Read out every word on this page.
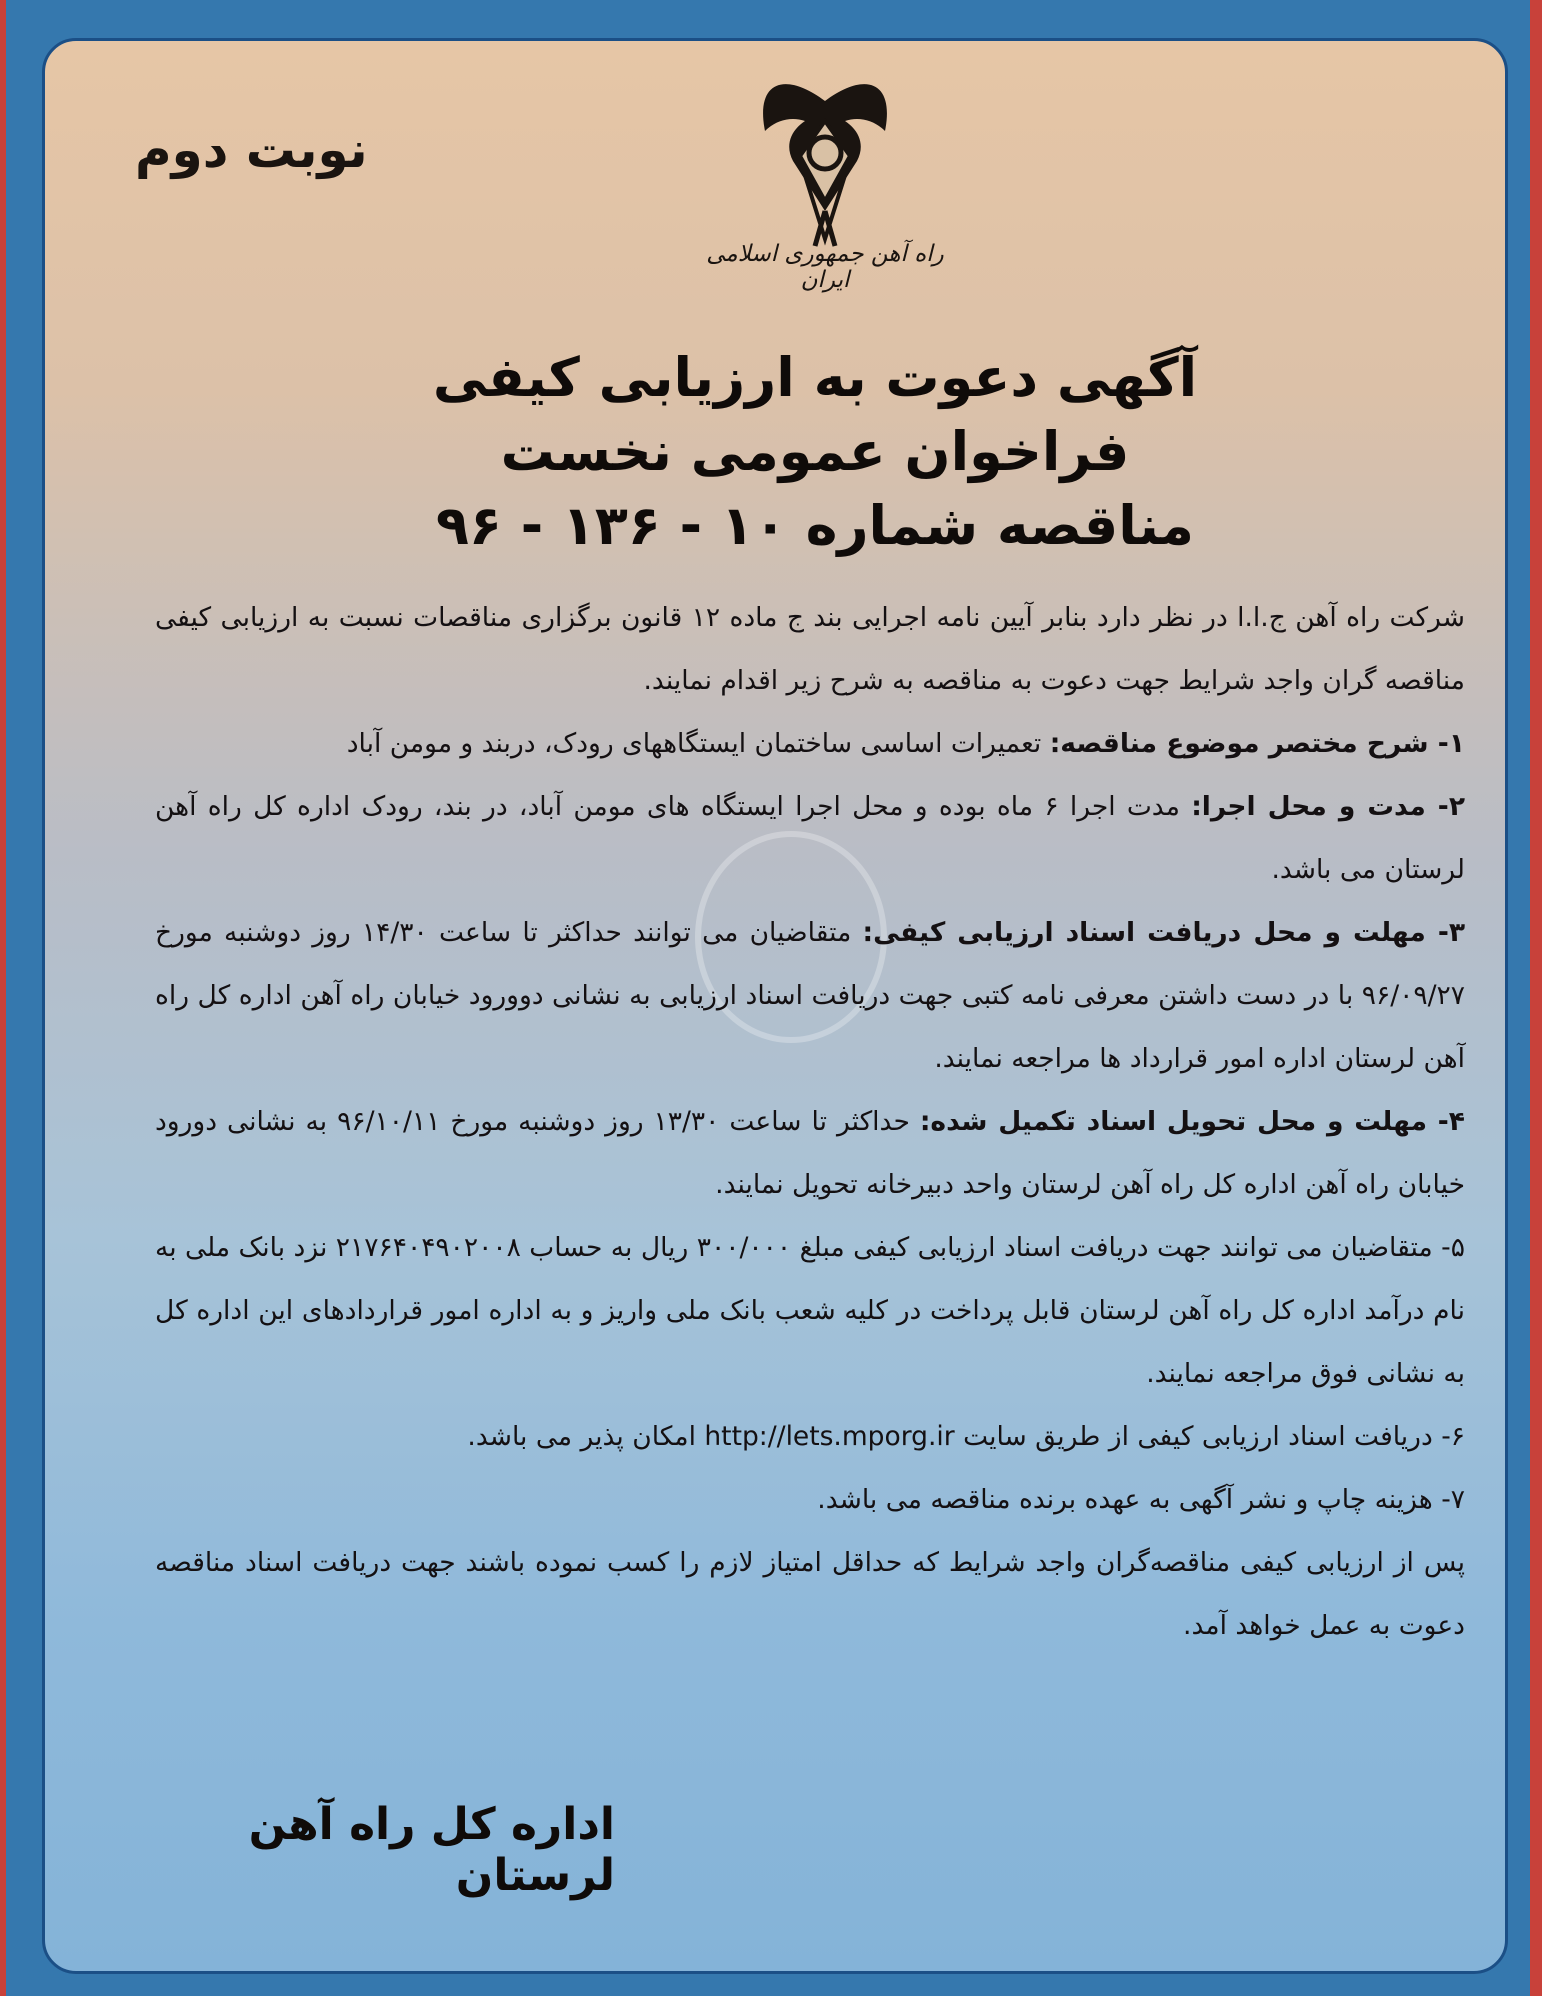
نوبت دوم
راه آهن جمهوری اسلامی ایران
آگهی دعوت به ارزیابی کیفی
فراخوان عمومی نخست
مناقصه شماره ۱۰ - ۱۳۶ - ۹۶

شرکت راه آهن ج.ا.ا در نظر دارد بنابر آیین نامه اجرایی بند ج ماده ۱۲ قانون برگزاری مناقصات نسبت به ارزیابی کیفی مناقصه گران واجد شرایط جهت دعوت به مناقصه به شرح زیر اقدام نمایند.

۱- شرح مختصر موضوع مناقصه: تعمیرات اساسی ساختمان ایستگاههای رودک، دربند و مومن آباد

۲- مدت و محل اجرا: مدت اجرا ۶ ماه بوده و محل اجرا ایستگاه های مومن آباد، در بند، رودک اداره کل راه آهن لرستان می باشد.

۳- مهلت و محل دریافت اسناد ارزیابی کیفی: متقاضیان می توانند حداکثر تا ساعت ۱۴/۳۰ روز دوشنبه مورخ ۹۶/۰۹/۲۷ با در دست داشتن معرفی نامه کتبی جهت دریافت اسناد ارزیابی به نشانی دوورود خیابان راه آهن اداره کل راه آهن لرستان اداره امور قرارداد ها مراجعه نمایند.

۴- مهلت و محل تحویل اسناد تکمیل شده: حداکثر تا ساعت ۱۳/۳۰ روز دوشنبه مورخ ۹۶/۱۰/۱۱ به نشانی دورود خیابان راه آهن اداره کل راه آهن لرستان واحد دبیرخانه تحویل نمایند.

۵- متقاضیان می توانند جهت دریافت اسناد ارزیابی کیفی مبلغ ۳۰۰/۰۰۰ ریال به حساب ۲۱۷۶۴۰۴۹۰۲۰۰۸ نزد بانک ملی به نام درآمد اداره کل راه آهن لرستان قابل پرداخت در کلیه شعب بانک ملی واریز و به اداره امور قراردادهای این اداره کل به نشانی فوق مراجعه نمایند.

۶- دریافت اسناد ارزیابی کیفی از طریق سایت http://lets.mporg.ir امکان پذیر می باشد.

۷- هزینه چاپ و نشر آگهی به عهده برنده مناقصه می باشد.

پس از ارزیابی کیفی مناقصه‌گران واجد شرایط که حداقل امتیاز لازم را کسب نموده باشند جهت دریافت اسناد مناقصه دعوت به عمل خواهد آمد.

اداره کل راه آهن لرستان
